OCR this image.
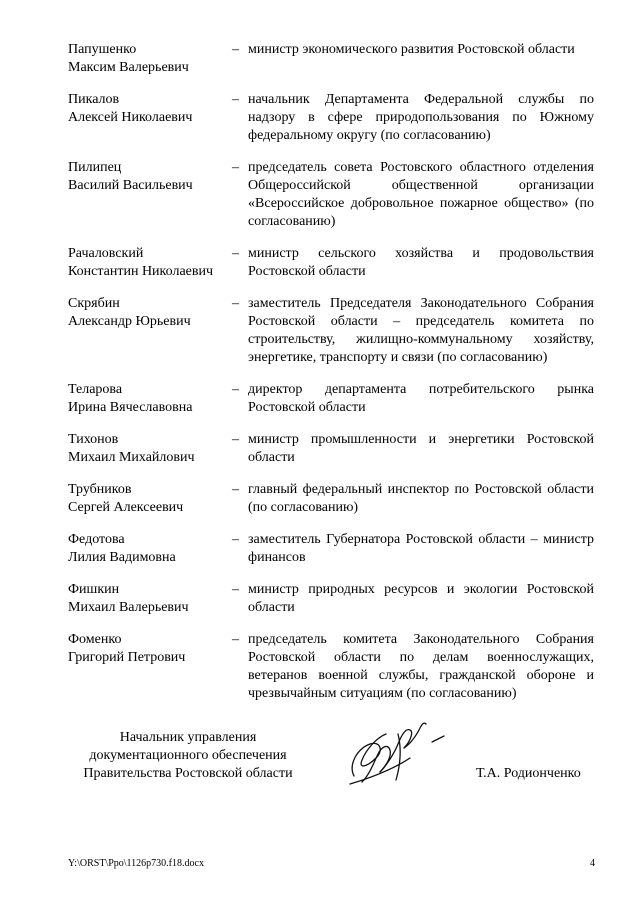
Папушенко
Максим Валерьевич
– министр экономического развития Ростовской области
Пикалов
Алексей Николаевич
– начальник Департамента Федеральной службы по надзору в сфере природопользования по Южному федеральному округу (по согласованию)
Пилипец
Василий Васильевич
– председатель совета Ростовского областного отделения Общероссийской общественной организации «Всероссийское добровольное пожарное общество» (по согласованию)
Рачаловский
Константин Николаевич
– министр сельского хозяйства и продовольствия Ростовской области
Скрябин
Александр Юрьевич
– заместитель Председателя Законодательного Собрания Ростовской области – председатель комитета по строительству, жилищно-коммунальному хозяйству, энергетике, транспорту и связи (по согласованию)
Теларова
Ирина Вячеславовна
– директор департамента потребительского рынка Ростовской области
Тихонов
Михаил Михайлович
– министр промышленности и энергетики Ростовской области
Трубников
Сергей Алексеевич
– главный федеральный инспектор по Ростовской области (по согласованию)
Федотова
Лилия Вадимовна
– заместитель Губернатора Ростовской области – министр финансов
Фишкин
Михаил Валерьевич
– министр природных ресурсов и экологии Ростовской области
Фоменко
Григорий Петрович
– председатель комитета Законодательного Собрания Ростовской области по делам военнослужащих, ветеранов военной службы, гражданской обороне и чрезвычайным ситуациям (по согласованию)
Начальник управления
документационного обеспечения
Правительства Ростовской области	Т.А. Родионченко
Y:\ORST\Ppo\1126p730.f18.docx	4
